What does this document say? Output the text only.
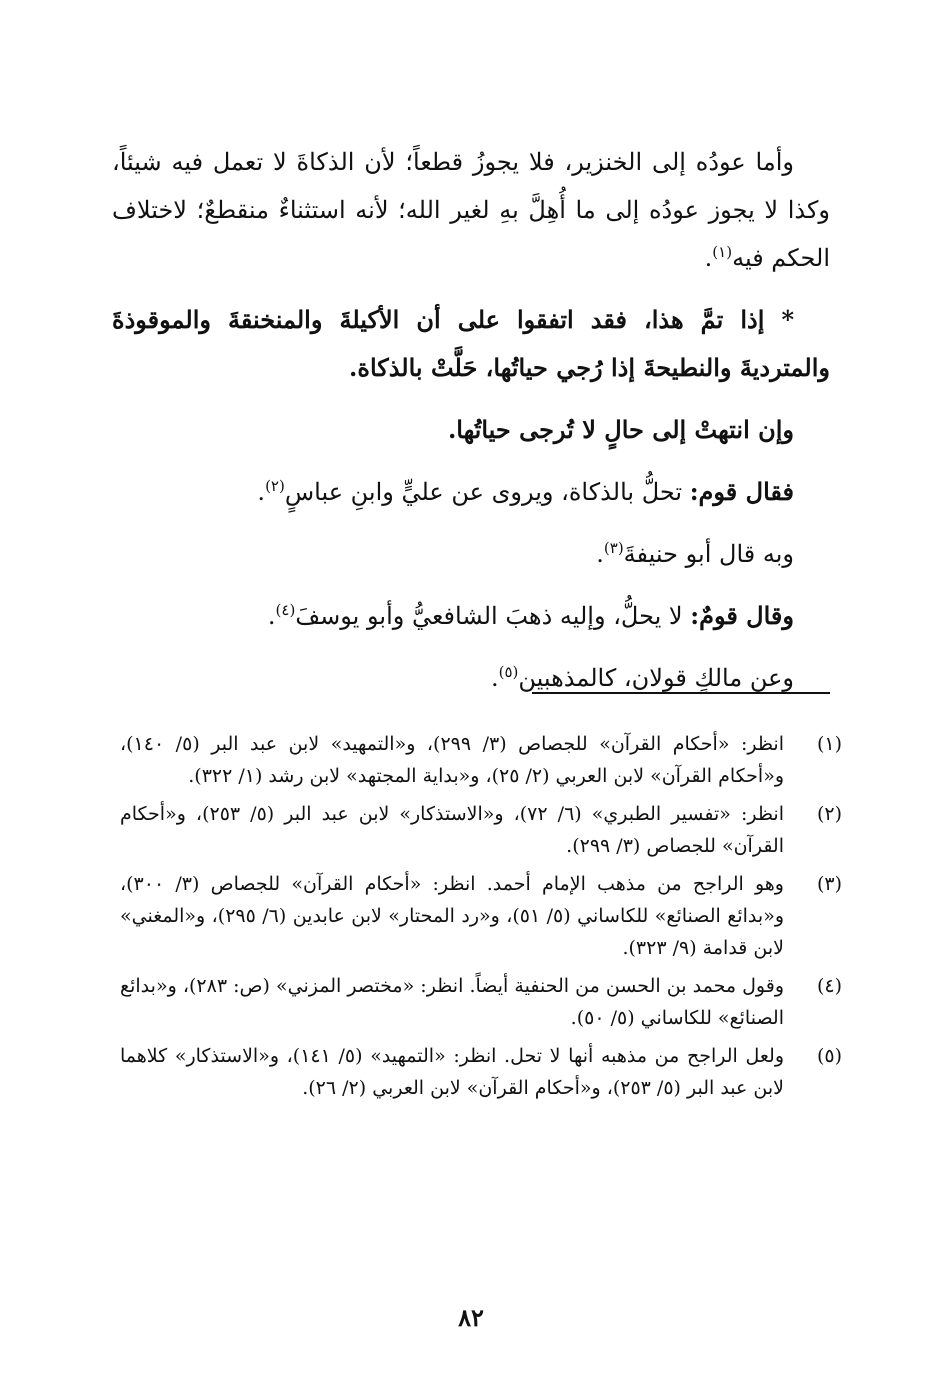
وأما عودُه إلى الخنزير، فلا يجوزُ قطعاً؛ لأن الذكاةَ لا تعمل فيه شيئاً، وكذا لا يجوز عودُه إلى ما أُهِلَّ بهِ لغير الله؛ لأنه استثناءٌ منقطعٌ؛ لاختلاف الحكم فيه$^{(١)}$.

* إذا تمَّ هذا، فقد اتفقوا على أن الأكيلةَ والمنخنقةَ والموقوذةَ والمترديةَ والنطيحةَ إذا رُجي حياتُها، حَلَّتْ بالذكاة.

وإن انتهتْ إلى حالٍ لا تُرجى حياتُها.

فقال قوم: تحلُّ بالذكاة، ويروى عن عليٍّ وابنِ عباسٍ$^{(٢)}$.

وبه قال أبو حنيفةَ$^{(٣)}$.

وقال قومٌ: لا يحلُّ، وإليه ذهبَ الشافعيُّ وأبو يوسفَ$^{(٤)}$.

وعن مالكٍ قولان، كالمذهبين$^{(٥)}$.

(١)
انظر: «أحكام القرآن» للجصاص (٣/ ٢٩٩)، و«التمهيد» لابن عبد البر (٥/ ١٤٠)، و«أحكام القرآن» لابن العربي (٢/ ٢٥)، و«بداية المجتهد» لابن رشد (١/ ٣٢٢).
(٢)
انظر: «تفسير الطبري» (٦/ ٧٢)، و«الاستذكار» لابن عبد البر (٥/ ٢٥٣)، و«أحكام القرآن» للجصاص (٣/ ٢٩٩).
(٣)
وهو الراجح من مذهب الإمام أحمد. انظر: «أحكام القرآن» للجصاص (٣/ ٣٠٠)، و«بدائع الصنائع» للكاساني (٥/ ٥١)، و«رد المحتار» لابن عابدين (٦/ ٢٩٥)، و«المغني» لابن قدامة (٩/ ٣٢٣).
(٤)
وقول محمد بن الحسن من الحنفية أيضاً. انظر: «مختصر المزني» (ص: ٢٨٣)، و«بدائع الصنائع» للكاساني (٥/ ٥٠).
(٥)
ولعل الراجح من مذهبه أنها لا تحل. انظر: «التمهيد» (٥/ ١٤١)، و«الاستذكار» كلاهما لابن عبد البر (٥/ ٢٥٣)، و«أحكام القرآن» لابن العربي (٢/ ٢٦).
٨٢
